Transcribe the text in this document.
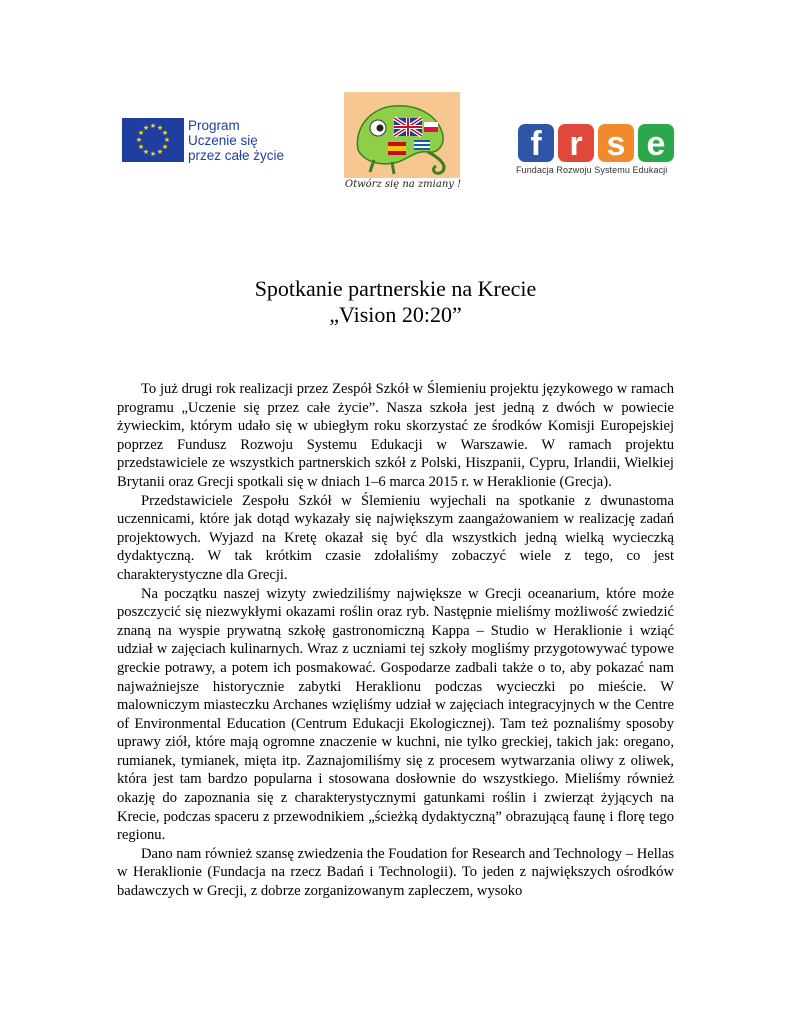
★ ★
★
★
★
★
★
★
★
★
★
★	Program
Uczenie się
przez całe życie
Otwórz się na zmiany !
f r s e
Fundacja Rozwoju Systemu Edukacji
Spotkanie partnerskie na Krecie
„Vision 20:20”

To już drugi rok realizacji przez Zespół Szkół w Ślemieniu projektu językowego w ramach programu „Uczenie się przez całe życie”. Nasza szkoła jest jedną z dwóch w powiecie żywieckim, którym udało się w ubiegłym roku skorzystać ze środków Komisji Europejskiej poprzez Fundusz Rozwoju Systemu Edukacji w Warszawie. W ramach projektu przedstawiciele ze wszystkich partnerskich szkół z Polski, Hiszpanii, Cypru, Irlandii, Wielkiej Brytanii oraz Grecji spotkali się w dniach 1–6 marca 2015 r. w Heraklionie (Grecja).

Przedstawiciele Zespołu Szkół w Ślemieniu wyjechali na spotkanie z dwunastoma uczennicami, które jak dotąd wykazały się największym zaangażowaniem w realizację zadań projektowych. Wyjazd na Kretę okazał się być dla wszystkich jedną wielką wycieczką dydaktyczną. W tak krótkim czasie zdołaliśmy zobaczyć wiele z tego, co jest charakterystyczne dla Grecji.

Na początku naszej wizyty zwiedziliśmy największe w Grecji oceanarium, które może poszczycić się niezwykłymi okazami roślin oraz ryb. Następnie mieliśmy możliwość zwiedzić znaną na wyspie prywatną szkołę gastronomiczną Kappa – Studio w Heraklionie i wziąć udział w zajęciach kulinarnych. Wraz z uczniami tej szkoły mogliśmy przygotowywać typowe greckie potrawy, a potem ich posmakować. Gospodarze zadbali także o to, aby pokazać nam najważniejsze historycznie zabytki Heraklionu podczas wycieczki po mieście. W malowniczym miasteczku Archanes wzięliśmy udział w zajęciach integracyjnych w the Centre of Environmental Education (Centrum Edukacji Ekologicznej). Tam też poznaliśmy sposoby uprawy ziół, które mają ogromne znaczenie w kuchni, nie tylko greckiej, takich jak: oregano, rumianek, tymianek, mięta itp. Zaznajomiliśmy się z procesem wytwarzania oliwy z oliwek, która jest tam bardzo popularna i stosowana dosłownie do wszystkiego. Mieliśmy również okazję do zapoznania się z charakterystycznymi gatunkami roślin i zwierząt żyjących na Krecie, podczas spaceru z przewodnikiem „ścieżką dydaktyczną” obrazującą faunę i florę tego regionu.

Dano nam również szansę zwiedzenia the Foudation for Research and Technology – Hellas w Heraklionie (Fundacja na rzecz Badań i Technologii). To jeden z największych ośrodków badawczych w Grecji, z dobrze zorganizowanym zapleczem, wysoko
